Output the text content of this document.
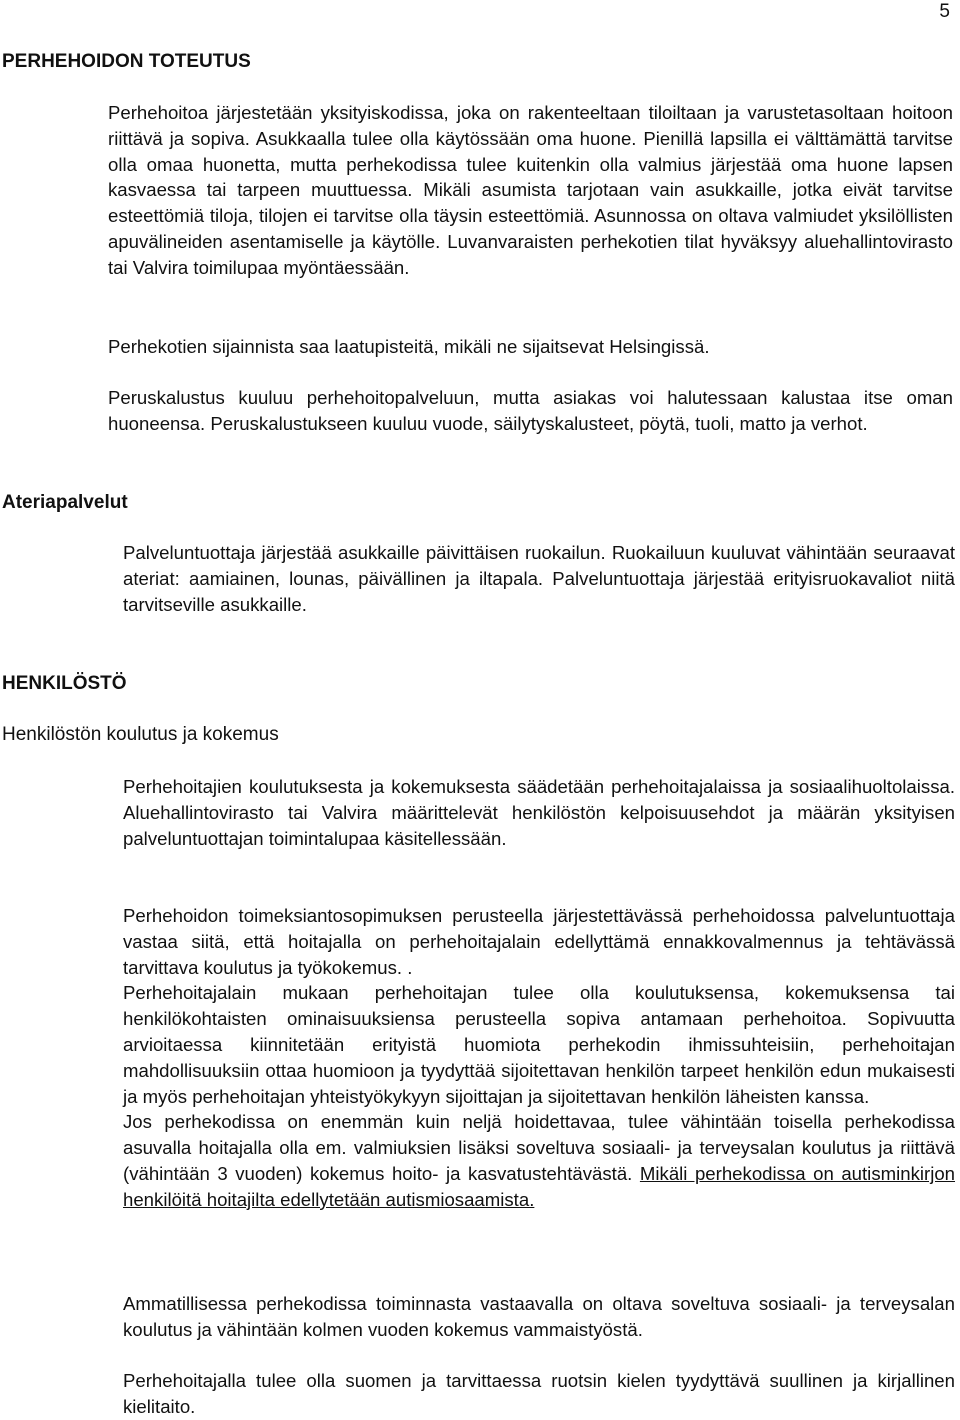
5
PERHEHOIDON TOTEUTUS

Perhehoitoa järjestetään yksityiskodissa, joka on rakenteeltaan tiloiltaan ja varustetasoltaan hoitoon riittävä ja sopiva. Asukkaalla tulee olla käytössään oma huone. Pienillä lapsilla ei välttämättä tarvitse olla omaa huonetta, mutta perhekodissa tulee kuitenkin olla valmius järjestää oma huone lapsen kasvaessa tai tarpeen muuttuessa. Mikäli asumista tarjotaan vain asukkaille, jotka eivät tarvitse esteettömiä tiloja, tilojen ei tarvitse olla täysin esteettömiä. Asunnossa on oltava valmiudet yksilöllisten apuvälineiden asentamiselle ja käytölle. Luvanvaraisten perhekotien tilat hyväksyy aluehallintovirasto tai Valvira toimilupaa myöntäessään.

Perhekotien sijainnista saa laatupisteitä, mikäli ne sijaitsevat Helsingissä.

Peruskalustus kuuluu perhehoitopalveluun, mutta asiakas voi halutessaan kalustaa itse oman huoneensa. Peruskalustukseen kuuluu vuode, säilytyskalusteet, pöytä, tuoli, matto ja verhot.

Ateriapalvelut

Palveluntuottaja järjestää asukkaille päivittäisen ruokailun. Ruokailuun kuuluvat vähintään seuraavat ateriat: aamiainen, lounas, päivällinen ja iltapala. Palveluntuottaja järjestää erityisruokavaliot niitä tarvitseville asukkaille.

HENKILÖSTÖ
Henkilöstön koulutus ja kokemus

Perhehoitajien koulutuksesta ja kokemuksesta säädetään perhehoitajalaissa ja sosiaalihuoltolaissa. Aluehallintovirasto tai Valvira määrittelevät henkilöstön kelpoisuusehdot ja määrän yksityisen palveluntuottajan toimintalupaa käsitellessään.

Perhehoidon toimeksiantosopimuksen perusteella järjestettävässä perhehoidossa palveluntuottaja vastaa siitä, että hoitajalla on perhehoitajalain edellyttämä ennakkovalmennus ja tehtävässä tarvittava koulutus ja työkokemus. .

Perhehoitajalain mukaan perhehoitajan tulee olla koulutuksensa, kokemuksensa tai henkilökohtaisten ominaisuuksiensa perusteella sopiva antamaan perhehoitoa. Sopivuutta arvioitaessa kiinnitetään erityistä huomiota perhekodin ihmissuhteisiin, perhehoitajan mahdollisuuksiin ottaa huomioon ja tyydyttää sijoitettavan henkilön tarpeet henkilön edun mukaisesti ja myös perhehoitajan yhteistyökykyyn sijoittajan ja sijoitettavan henkilön läheisten kanssa.

Jos perhekodissa on enemmän kuin neljä hoidettavaa, tulee vähintään toisella perhekodissa asuvalla hoitajalla olla em. valmiuksien lisäksi soveltuva sosiaali- ja terveysalan koulutus ja riittävä (vähintään 3 vuoden) kokemus hoito- ja kasvatustehtävästä. Mikäli perhekodissa on autisminkirjon henkilöitä hoitajilta edellytetään autismiosaamista.

Ammatillisessa perhekodissa toiminnasta vastaavalla on oltava soveltuva sosiaali- ja terveysalan koulutus ja vähintään kolmen vuoden kokemus vammaistyöstä.

Perhehoitajalla tulee olla suomen ja tarvittaessa ruotsin kielen tyydyttävä suullinen ja kirjallinen kielitaito.
